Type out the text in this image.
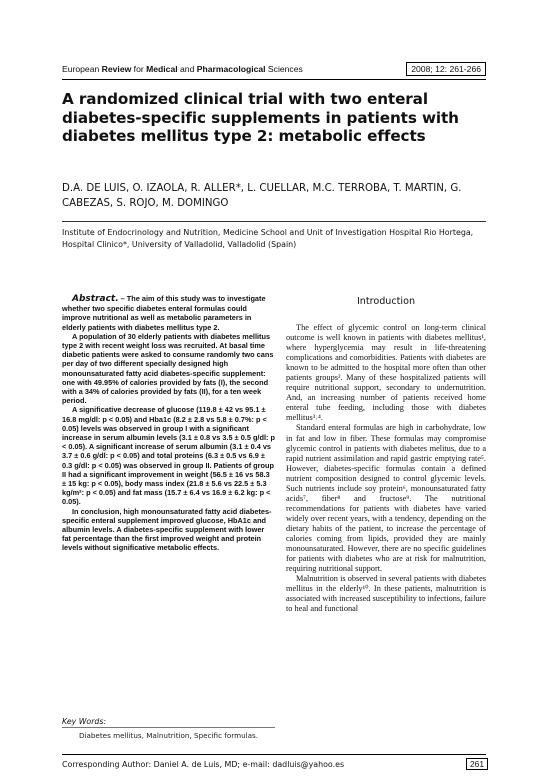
European Review for Medical and Pharmacological Sciences	2008; 12: 261-266
A randomized clinical trial with two enteral diabetes-specific supplements in patients with diabetes mellitus type 2: metabolic effects
D.A. DE LUIS, O. IZAOLA, R. ALLER*, L. CUELLAR, M.C. TERROBA, T. MARTIN, G. CABEZAS, S. ROJO, M. DOMINGO
Institute of Endocrinology and Nutrition, Medicine School and Unit of Investigation Hospital Rio Hortega, Hospital Clinico*, University of Valladolid, Valladolid (Spain)

Abstract. – The aim of this study was to investigate whether two specific diabetes enteral formulas could improve nutritional as well as metabolic parameters in elderly patients with diabetes mellitus type 2.

A population of 30 elderly patients with diabetes mellitus type 2 with recent weight loss was recruited. At basal time diabetic patients were asked to consume randomly two cans per day of two different specially designed high monounsaturated fatty acid diabetes-specific supplement: one with 49.95% of calories provided by fats (I), the second with a 34% of calories provided by fats (II), for a ten week period.

A significative decrease of glucose (119.8 ± 42 vs 95.1 ± 16.8 mg/dl: p < 0.05) and Hba1c (8.2 ± 2.8 vs 5.8 ± 0.7%: p < 0.05) levels was observed in group I with a significant increase in serum albumin levels (3.1 ± 0.8 vs 3.5 ± 0.5 g/dl: p < 0.05). A significant increase of serum albumin (3.1 ± 0.4 vs 3.7 ± 0.6 g/dl: p < 0.05) and total proteins (6.3 ± 0.5 vs 6.9 ± 0.3 g/dl: p < 0.05) was observed in group II. Patients of group II had a significant improvement in weight (56.5 ± 16 vs 58.3 ± 15 kg: p < 0.05), body mass index (21.8 ± 5.6 vs 22.5 ± 5.3 kg/m²: p < 0.05) and fat mass (15.7 ± 6.4 vs 16.9 ± 6.2 kg: p < 0.05).

In conclusion, high monounsaturated fatty acid diabetes-specific enteral supplement improved glucose, HbA1c and albumin levels. A diabetes-specific supplement with lower fat percentage than the first improved weight and protein levels without significative metabolic effects.

Key Words:
Diabetes mellitus, Malnutrition, Specific formulas.
Introduction

The effect of glycemic control on long-term clinical outcome is well known in patients with diabetes mellitus¹, where hyperglycemia may result in life-threatening complications and comorbidities. Patients with diabetes are known to be admitted to the hospital more often than other patients groups². Many of these hospitalized patients will require nutritional support, secondary to undernutrition. And, an increasing number of patients received home enteral tube feeding, including those with diabetes mellitus³˒⁴.

Standard enteral formulas are high in carbohydrate, low in fat and low in fiber. These formulas may compromise glycemic control in patients with diabetes melitus, due to a rapid nutrient assimilation and rapid gastric emptying rate⁵. However, diabetes-specific formulas contain a defined nutrient composition designed to control glycemic levels. Such nutrients include soy protein⁶, monounsaturated fatty acids⁷, fiber⁸ and fructose⁹. The nutritional recommendations for patients with diabetes have varied widely over recent years, with a tendency, depending on the dietary habits of the patient, to increase the percentage of calories coming from lipids, provided they are mainly monounsaturated. However, there are no specific guidelines for patients with diabetes who are at risk for malnutrition, requiring nutritional support.

Malnutrition is observed in several patients with diabetes mellitus in the elderly¹⁰. In these patients, malnutrition is associated with increased susceptibility to infections, failure to heal and functional

Corresponding Author: Daniel A. de Luis, MD; e-mail: dadluis@yahoo.es	261
